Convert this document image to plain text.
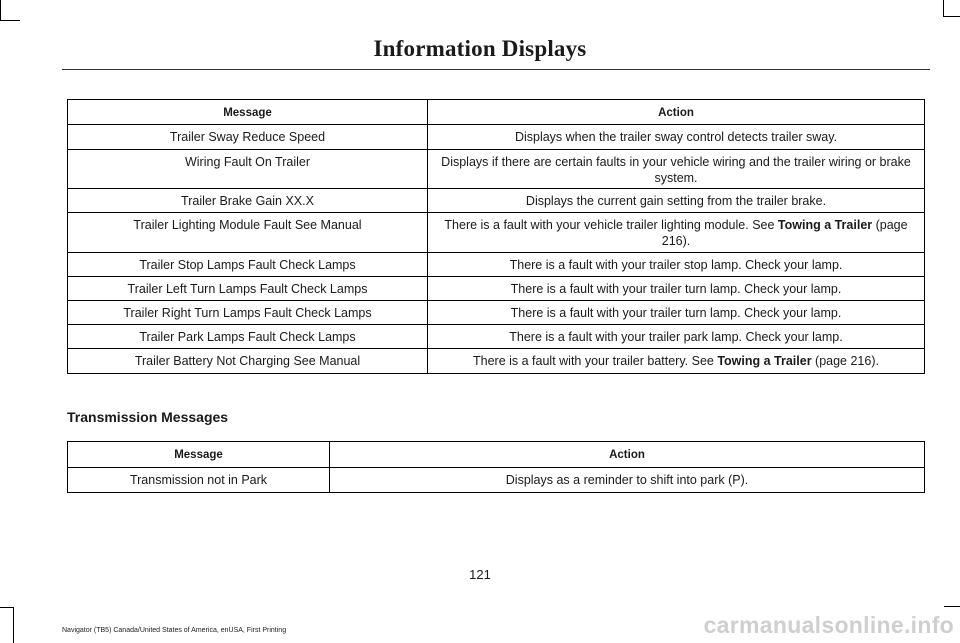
Information Displays
Message	Action
Trailer Sway Reduce Speed	Displays when the trailer sway control detects trailer sway.
Wiring Fault On Trailer	Displays if there are certain faults in your vehicle wiring and the trailer wiring or brake system.
Trailer Brake Gain XX.X	Displays the current gain setting from the trailer brake.
Trailer Lighting Module Fault See Manual	There is a fault with your vehicle trailer lighting module. See Towing a Trailer (page 216).
Trailer Stop Lamps Fault Check Lamps	There is a fault with your trailer stop lamp. Check your lamp.
Trailer Left Turn Lamps Fault Check Lamps	There is a fault with your trailer turn lamp. Check your lamp.
Trailer Right Turn Lamps Fault Check Lamps	There is a fault with your trailer turn lamp. Check your lamp.
Trailer Park Lamps Fault Check Lamps	There is a fault with your trailer park lamp. Check your lamp.
Trailer Battery Not Charging See Manual	There is a fault with your trailer battery. See Towing a Trailer (page 216).
Transmission Messages
Message	Action
Transmission not in Park	Displays as a reminder to shift into park (P).
121
Navigator (TB5) Canada/United States of America, enUSA, First Printing	carmanualsonline.info
